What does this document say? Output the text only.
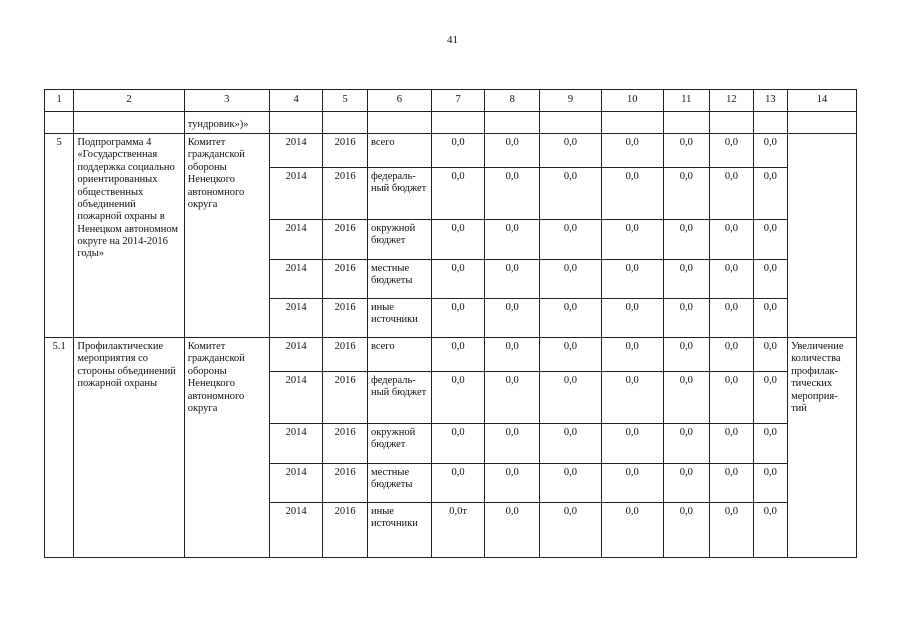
41
1	2	3	4	5	6	7	8	9	10	11	12	13	14
		тундровик»)»											
5	Подпрограмма 4 «Государственная поддержка социально ориентированных общественных объединений пожарной охраны в Ненецком автономном округе на 2014-2016 годы»	Комитет гражданской обороны Ненецкого автономного округа	2014	2016	всего	0,0	0,0	0,0	0,0	0,0	0,0	0,0	
			2014	2016	федераль-ный бюджет	0,0	0,0	0,0	0,0	0,0	0,0	0,0	
			2014	2016	окружной бюджет	0,0	0,0	0,0	0,0	0,0	0,0	0,0	
			2014	2016	местные бюджеты	0,0	0,0	0,0	0,0	0,0	0,0	0,0	
			2014	2016	иные источники	0,0	0,0	0,0	0,0	0,0	0,0	0,0	
5.1	Профилактические мероприятия со стороны объединений пожарной охраны	Комитет гражданской обороны Ненецкого автономного округа	2014	2016	всего	0,0	0,0	0,0	0,0	0,0	0,0	0,0	Увеличение количества профилак-тических мероприя-тий
			2014	2016	федераль-ный бюджет	0,0	0,0	0,0	0,0	0,0	0,0	0,0	
			2014	2016	окружной бюджет	0,0	0,0	0,0	0,0	0,0	0,0	0,0	
			2014	2016	местные бюджеты	0,0	0,0	0,0	0,0	0,0	0,0	0,0	
			2014	2016	иные источники	0,0т	0,0	0,0	0,0	0,0	0,0	0,0	
